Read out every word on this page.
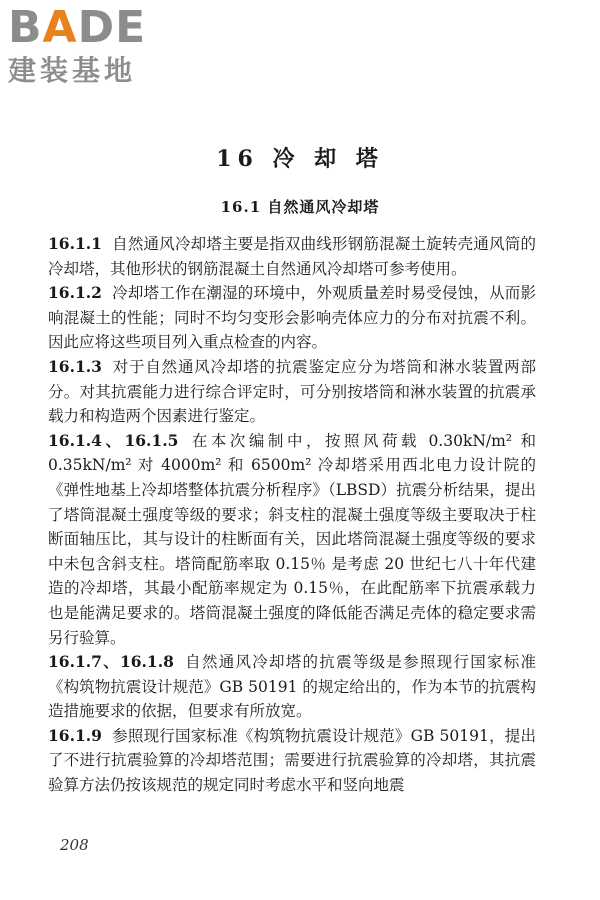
BADE
建装基地
16 冷 却 塔
16.1 自然通风冷却塔

16.1.1 自然通风冷却塔主要是指双曲线形钢筋混凝土旋转壳通风筒的冷却塔，其他形状的钢筋混凝土自然通风冷却塔可参考使用。

16.1.2 冷却塔工作在潮湿的环境中，外观质量差时易受侵蚀，从而影响混凝土的性能；同时不均匀变形会影响壳体应力的分布对抗震不利。因此应将这些项目列入重点检查的内容。

16.1.3 对于自然通风冷却塔的抗震鉴定应分为塔筒和淋水装置两部分。对其抗震能力进行综合评定时，可分别按塔筒和淋水装置的抗震承载力和构造两个因素进行鉴定。

16.1.4、16.1.5 在本次编制中，按照风荷载 0.30kN/m² 和 0.35kN/m² 对 4000m² 和 6500m² 冷却塔采用西北电力设计院的《弹性地基上冷却塔整体抗震分析程序》（LBSD）抗震分析结果，提出了塔筒混凝土强度等级的要求；斜支柱的混凝土强度等级主要取决于柱断面轴压比，其与设计的柱断面有关，因此塔筒混凝土强度等级的要求中未包含斜支柱。塔筒配筋率取 0.15％ 是考虑 20 世纪七八十年代建造的冷却塔，其最小配筋率规定为 0.15％，在此配筋率下抗震承载力也是能满足要求的。塔筒混凝土强度的降低能否满足壳体的稳定要求需另行验算。

16.1.7、16.1.8 自然通风冷却塔的抗震等级是参照现行国家标准《构筑物抗震设计规范》GB 50191 的规定给出的，作为本节的抗震构造措施要求的依据，但要求有所放宽。

16.1.9 参照现行国家标准《构筑物抗震设计规范》GB 50191，提出了不进行抗震验算的冷却塔范围；需要进行抗震验算的冷却塔，其抗震验算方法仍按该规范的规定同时考虑水平和竖向地震

208
